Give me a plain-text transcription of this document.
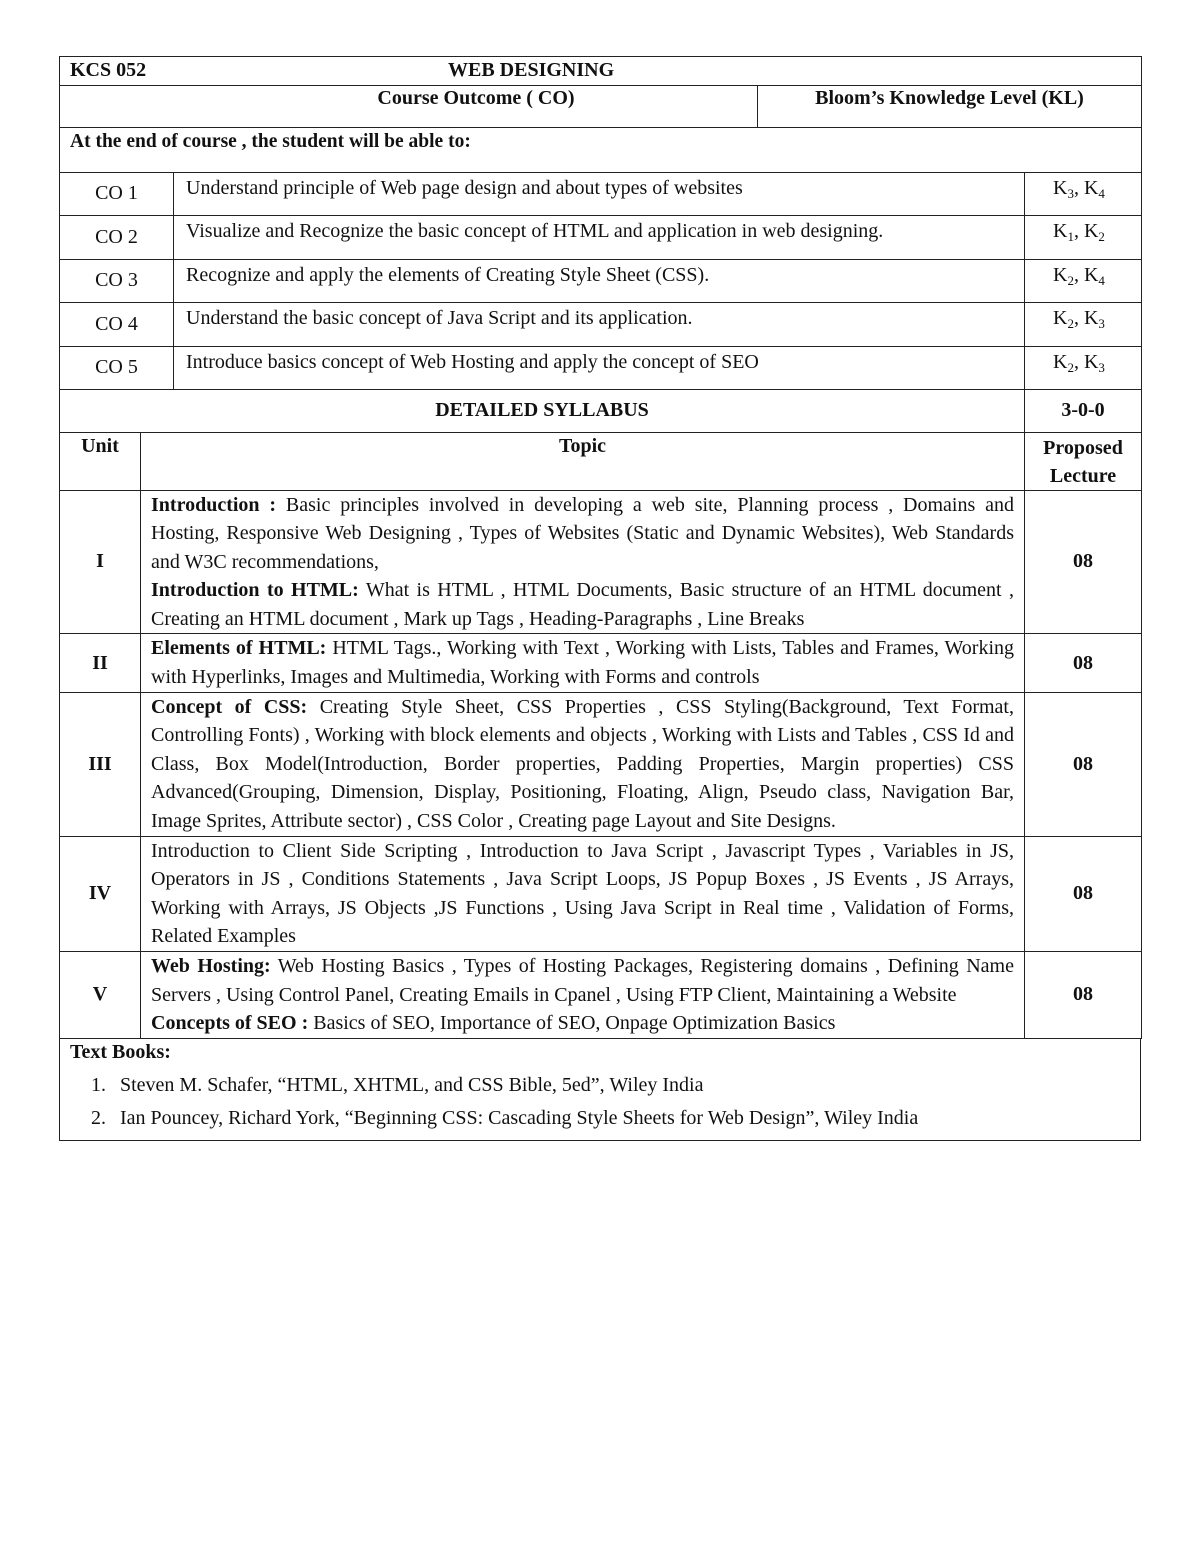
KCS 052	WEB DESIGNING

Course Outcome ( CO)	Bloom’s Knowledge Level (KL)
At the end of course , the student will be able to:
CO 1	Understand principle of Web page design and about types of websites	$K_3$, $K_4$
CO 2	Visualize and Recognize the basic concept of HTML and application in web designing.	$K_1$, $K_2$
CO 3	Recognize and apply the elements of Creating Style Sheet (CSS).	$K_2$, $K_4$
CO 4	Understand the basic concept of Java Script and its application.	$K_2$, $K_3$
CO 5	Introduce basics concept of Web Hosting and apply the concept of SEO	$K_2$, $K_3$
DETAILED SYLLABUS		3-0-0
Unit	Topic	Proposed Lecture
I	Introduction : Basic principles involved in developing a web site, Planning process , Domains and Hosting, Responsive Web Designing , Types of Websites (Static and Dynamic Websites), Web Standards and W3C recommendations,
Introduction to HTML: What is HTML , HTML Documents, Basic structure of an HTML document , Creating an HTML document , Mark up Tags , Heading-Paragraphs , Line Breaks	08
II	Elements of HTML: HTML Tags., Working with Text , Working with Lists, Tables and Frames, Working with Hyperlinks, Images and Multimedia, Working with Forms and controls	08
III	Concept of CSS: Creating Style Sheet, CSS Properties , CSS Styling(Background, Text Format, Controlling Fonts) , Working with block elements and objects , Working with Lists and Tables , CSS Id and Class, Box Model(Introduction, Border properties, Padding Properties, Margin properties) CSS Advanced(Grouping, Dimension, Display, Positioning, Floating, Align, Pseudo class, Navigation Bar, Image Sprites, Attribute sector) , CSS Color , Creating page Layout and Site Designs.	08
IV	Introduction to Client Side Scripting , Introduction to Java Script , Javascript Types , Variables in JS, Operators in JS , Conditions Statements , Java Script Loops, JS Popup Boxes , JS Events , JS Arrays, Working with Arrays, JS Objects ,JS Functions , Using Java Script in Real time , Validation of Forms, Related Examples	08
V	Web Hosting: Web Hosting Basics , Types of Hosting Packages, Registering domains , Defining Name Servers , Using Control Panel, Creating Emails in Cpanel , Using FTP Client, Maintaining a Website
Concepts of SEO : Basics of SEO, Importance of SEO, Onpage Optimization Basics	08
Text Books:
1. Steven M. Schafer, “HTML, XHTML, and CSS Bible, 5ed”, Wiley India
2. Ian Pouncey, Richard York, “Beginning CSS: Cascading Style Sheets for Web Design”, Wiley India
